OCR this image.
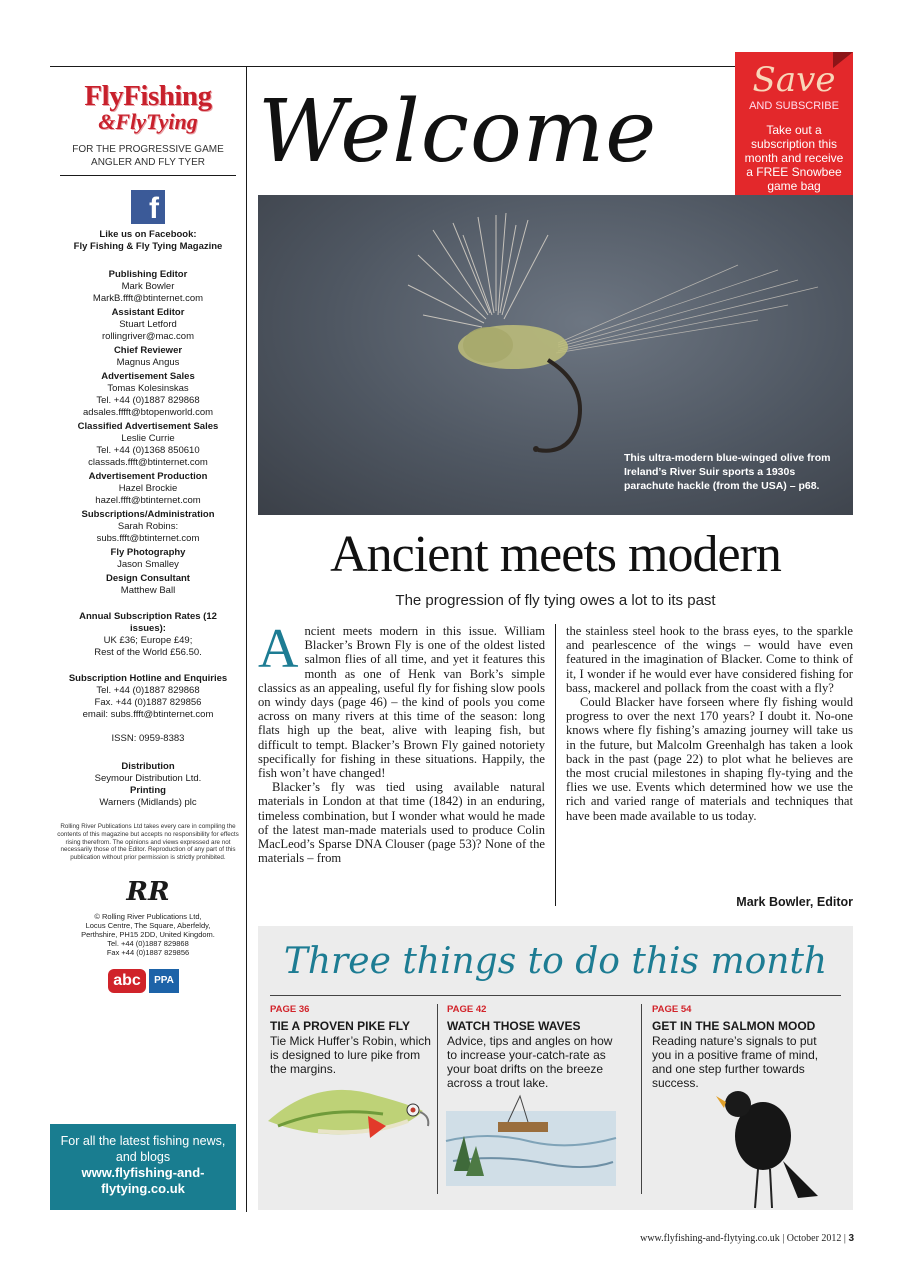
FlyFishing
&FlyTying
FOR THE PROGRESSIVE GAME ANGLER AND FLY TYER
f
Like us on Facebook:
Fly Fishing & Fly Tying Magazine
Publishing Editor
Mark Bowler
MarkB.ffft@btinternet.com
Assistant Editor
Stuart Letford
rollingriver@mac.com
Chief Reviewer
Magnus Angus
Advertisement Sales
Tomas Kolesinskas
Tel. +44 (0)1887 829868
adsales.fffft@btopenworld.com
Classified Advertisement Sales
Leslie Currie
Tel. +44 (0)1368 850610
classads.ffft@btinternet.com
Advertisement Production
Hazel Brockie
hazel.ffft@btinternet.com
Subscriptions/Administration
Sarah Robins:
subs.ffft@btinternet.com
Fly Photography
Jason Smalley
Design Consultant
Matthew Ball
Annual Subscription Rates (12 issues):
UK £36; Europe £49;
Rest of the World £56.50.
Subscription Hotline and Enquiries
Tel. +44 (0)1887 829868
Fax. +44 (0)1887 829856
email: subs.ffft@btinternet.com
ISSN: 0959-8383
Distribution
Seymour Distribution Ltd.
Printing
Warners (Midlands) plc
Rolling River Publications Ltd takes every care in compiling the contents of this magazine but accepts no responsibility for effects rising therefrom. The opinions and views expressed are not necessarily those of the Editor. Reproduction of any part of this publication without prior permission is strictly prohibited.
RR
© Rolling River Publications Ltd,
Locus Centre, The Square, Aberfeldy,
Perthshire, PH15 2DD, United Kingdom.
Tel. +44 (0)1887 829868
Fax +44 (0)1887 829856
abc	PPA
For all the latest fishing news, and blogs
www.flyfishing-and-flytying.co.uk
Welcome
Save
AND SUBSCRIBE
Take out a subscription this month and receive a FREE Snowbee game bag
This ultra-modern blue-winged olive from Ireland’s River Suir sports a 1930s parachute hackle (from the USA) – p68.
Ancient meets modern
The progression of fly tying owes a lot to its past
A ncient meets modern in this issue. William Blacker’s Brown Fly is one of the oldest listed salmon flies of all time, and yet it features this month as one of Henk van Bork’s simple classics as an appealing, useful fly for fishing slow pools on windy days (page 46) – the kind of pools you come across on many rivers at this time of the season: long flats high up the beat, alive with leaping fish, but difficult to tempt. Blacker’s Brown Fly gained notoriety specifically for fishing in these situations. Happily, the fish won’t have changed!

Blacker’s fly was tied using available natural materials in London at that time (1842) in an enduring, timeless combination, but I wonder what would he made of the latest man-made materials used to produce Colin MacLeod’s Sparse DNA Clouser (page 53)? None of the materials – from

the stainless steel hook to the brass eyes, to the sparkle and pearlescence of the wings – would have even featured in the imagination of Blacker. Come to think of it, I wonder if he would ever have considered fishing for bass, mackerel and pollack from the coast with a fly?

Could Blacker have forseen where fly fishing would progress to over the next 170 years? I doubt it. No-one knows where fly fishing’s amazing journey will take us in the future, but Malcolm Greenhalgh has taken a look back in the past (page 22) to plot what he believes are the most crucial milestones in shaping fly-tying and the flies we use. Events which determined how we use the rich and varied range of materials and techniques that have been made available to us today.

Mark Bowler, Editor
Three things to do this month
PAGE 36
TIE A PROVEN PIKE FLY
Tie Mick Huffer’s Robin, which is designed to lure pike from the margins.
PAGE 42
WATCH THOSE WAVES
Advice, tips and angles on how to increase your-catch-rate as your boat drifts on the breeze across a trout lake.
PAGE 54
GET IN THE SALMON MOOD
Reading nature’s signals to put you in a positive frame of mind, and one step further towards success.
www.flyfishing-and-flytying.co.uk | October 2012 | 3
